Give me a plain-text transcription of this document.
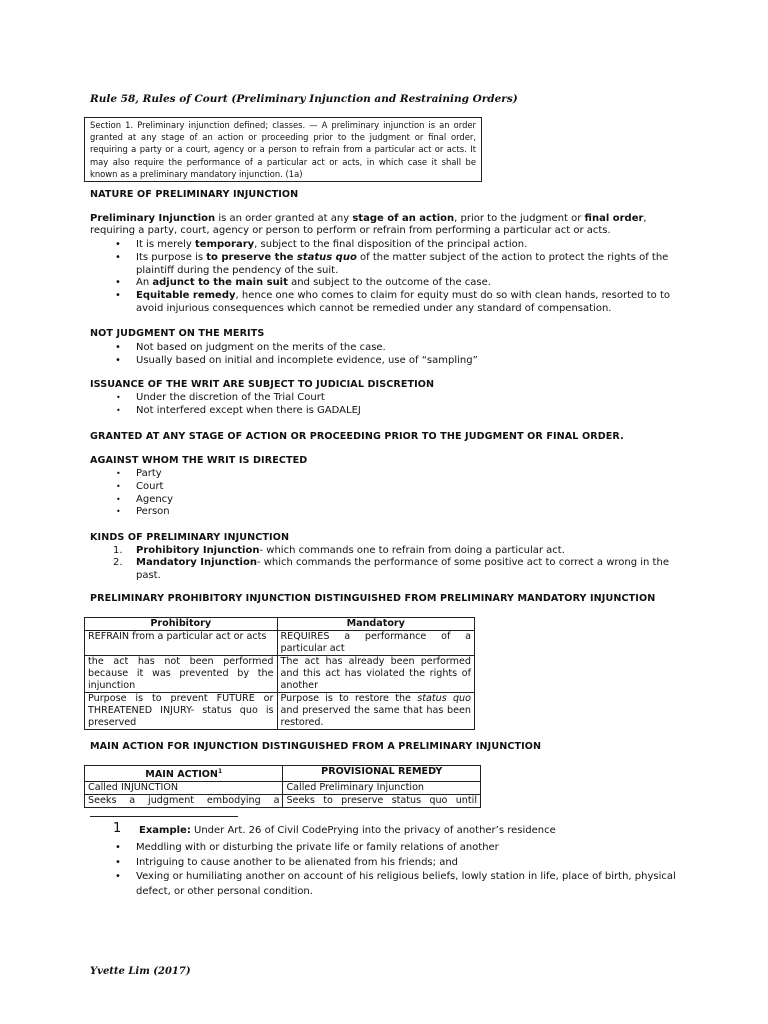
Rule 58, Rules of Court (Preliminary Injunction and Restraining Orders)
Section 1. Preliminary injunction defined; classes. — A preliminary injunction is an order granted at any stage of an action or proceeding prior to the judgment or final order, requiring a party or a court, agency or a person to refrain from a particular act or acts. It may also require the performance of a particular act or acts, in which case it shall be known as a preliminary mandatory injunction. (1a)
NATURE OF PRELIMINARY INJUNCTION
Preliminary Injunction is an order granted at any stage of an action, prior to the judgment or final order, requiring a party, court, agency or person to perform or refrain from performing a particular act or acts.
• It is merely temporary, subject to the final disposition of the principal action.
• Its purpose is to preserve the status quo of the matter subject of the action to protect the rights of the plaintiff during the pendency of the suit.
• An adjunct to the main suit and subject to the outcome of the case.
• Equitable remedy, hence one who comes to claim for equity must do so with clean hands, resorted to to avoid injurious consequences which cannot be remedied under any standard of compensation.
NOT JUDGMENT ON THE MERITS
• Not based on judgment on the merits of the case.
• Usually based on initial and incomplete evidence, use of “sampling”
ISSUANCE OF THE WRIT ARE SUBJECT TO JUDICIAL DISCRETION
• Under the discretion of the Trial Court
• Not interfered except when there is GADALEJ
GRANTED AT ANY STAGE OF ACTION OR PROCEEDING PRIOR TO THE JUDGMENT OR FINAL ORDER.
AGAINST WHOM THE WRIT IS DIRECTED
• Party
• Court
• Agency
• Person
KINDS OF PRELIMINARY INJUNCTION
1. Prohibitory Injunction- which commands one to refrain from doing a particular act.
2. Mandatory Injunction- which commands the performance of some positive act to correct a wrong in the past.
PRELIMINARY PROHIBITORY INJUNCTION DISTINGUISHED FROM PRELIMINARY MANDATORY INJUNCTION
Prohibitory	Mandatory
REFRAIN from a particular act or acts	REQUIRES a performance of a particular act
the act has not been performed because it was prevented by the injunction	The act has already been performed and this act has violated the rights of another
Purpose is to prevent FUTURE or THREATENED INJURY- status quo is preserved	Purpose is to restore the status quo and preserved the same that has been restored.
MAIN ACTION FOR INJUNCTION DISTINGUISHED FROM A PRELIMINARY INJUNCTION
MAIN ACTION$^1$	PROVISIONAL REMEDY
Called INJUNCTION	Called Preliminary Injunction
Seeks a judgment embodying a	Seeks to preserve status quo until
1 Example: Under Art. 26 of Civil CodePrying into the privacy of another’s residence
• Meddling with or disturbing the private life or family relations of another
• Intriguing to cause another to be alienated from his friends; and
• Vexing or humiliating another on account of his religious beliefs, lowly station in life, place of birth, physical defect, or other personal condition.
Yvette Lim (2017)
